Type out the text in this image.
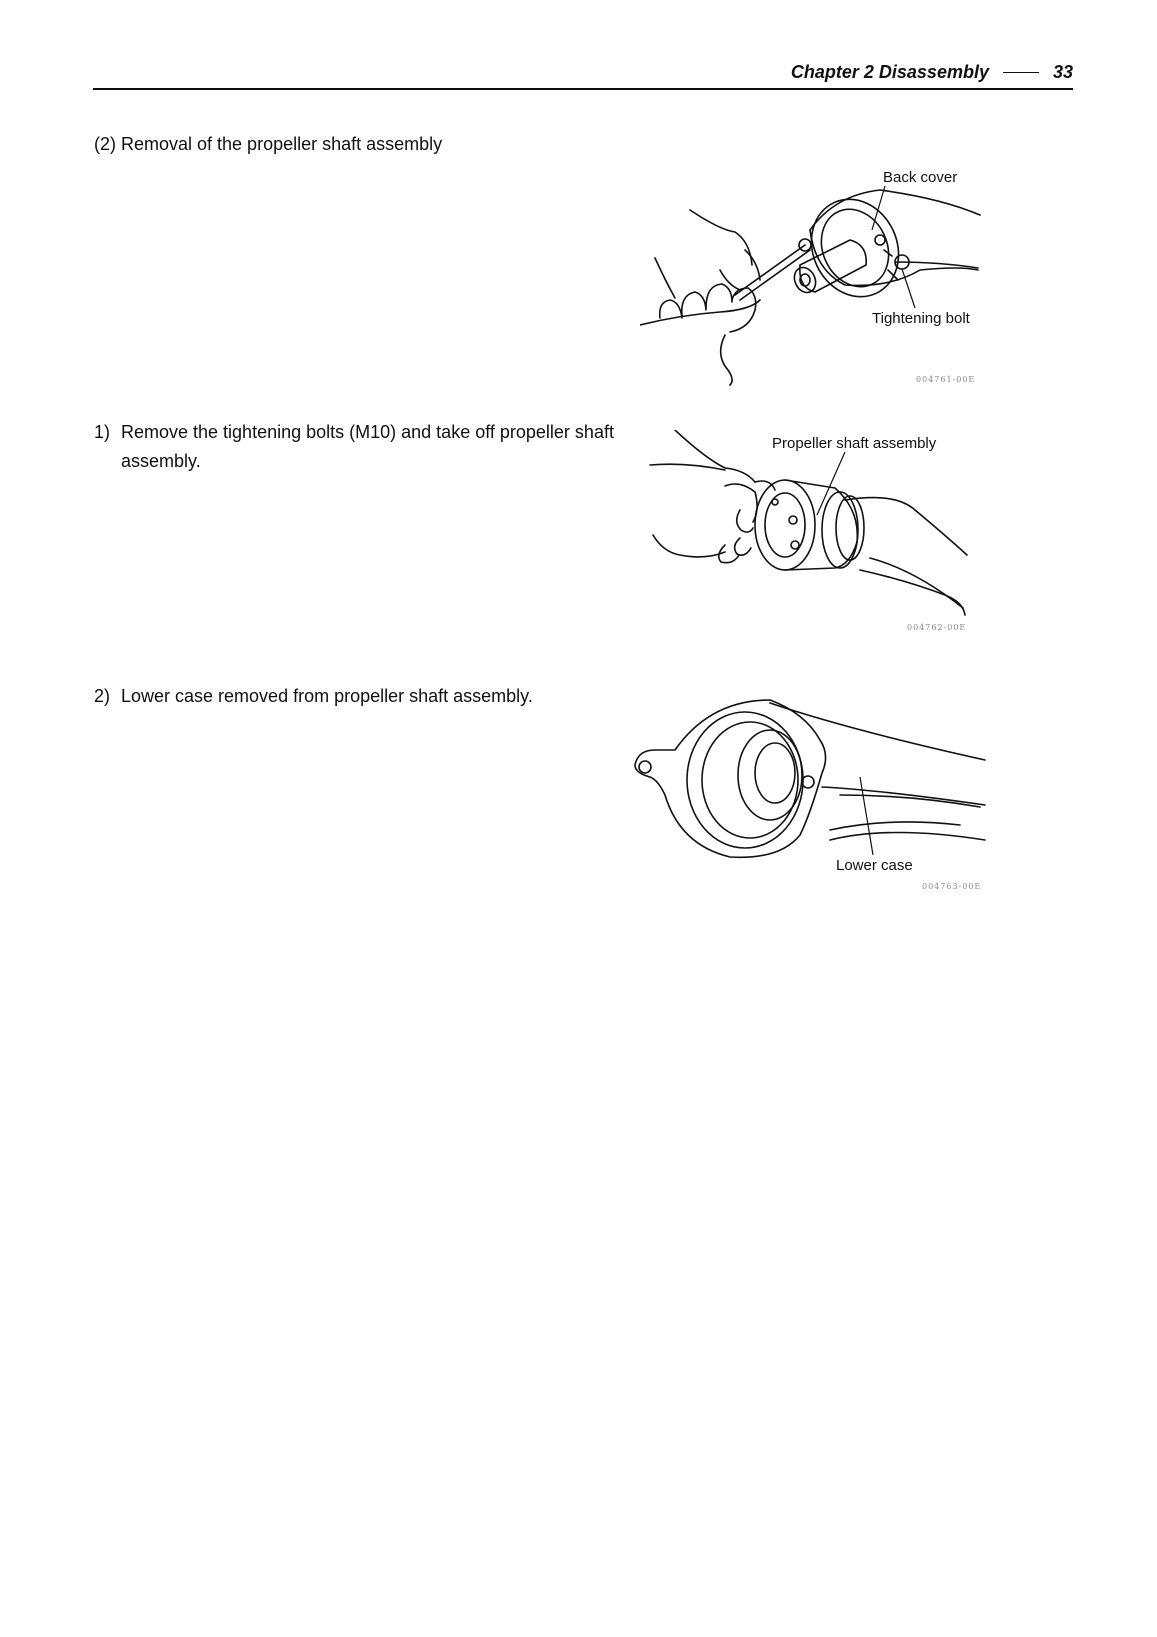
Chapter 2 Disassembly	33
(2) Removal of the propeller shaft assembly
1) Remove the tightening bolts (M10) and take off propeller shaft assembly.
2) Lower case removed from propeller shaft assembly.
Back cover
Tightening bolt
004761-00E
Propeller shaft assembly
004762-00E
Lower case
004763-00E
